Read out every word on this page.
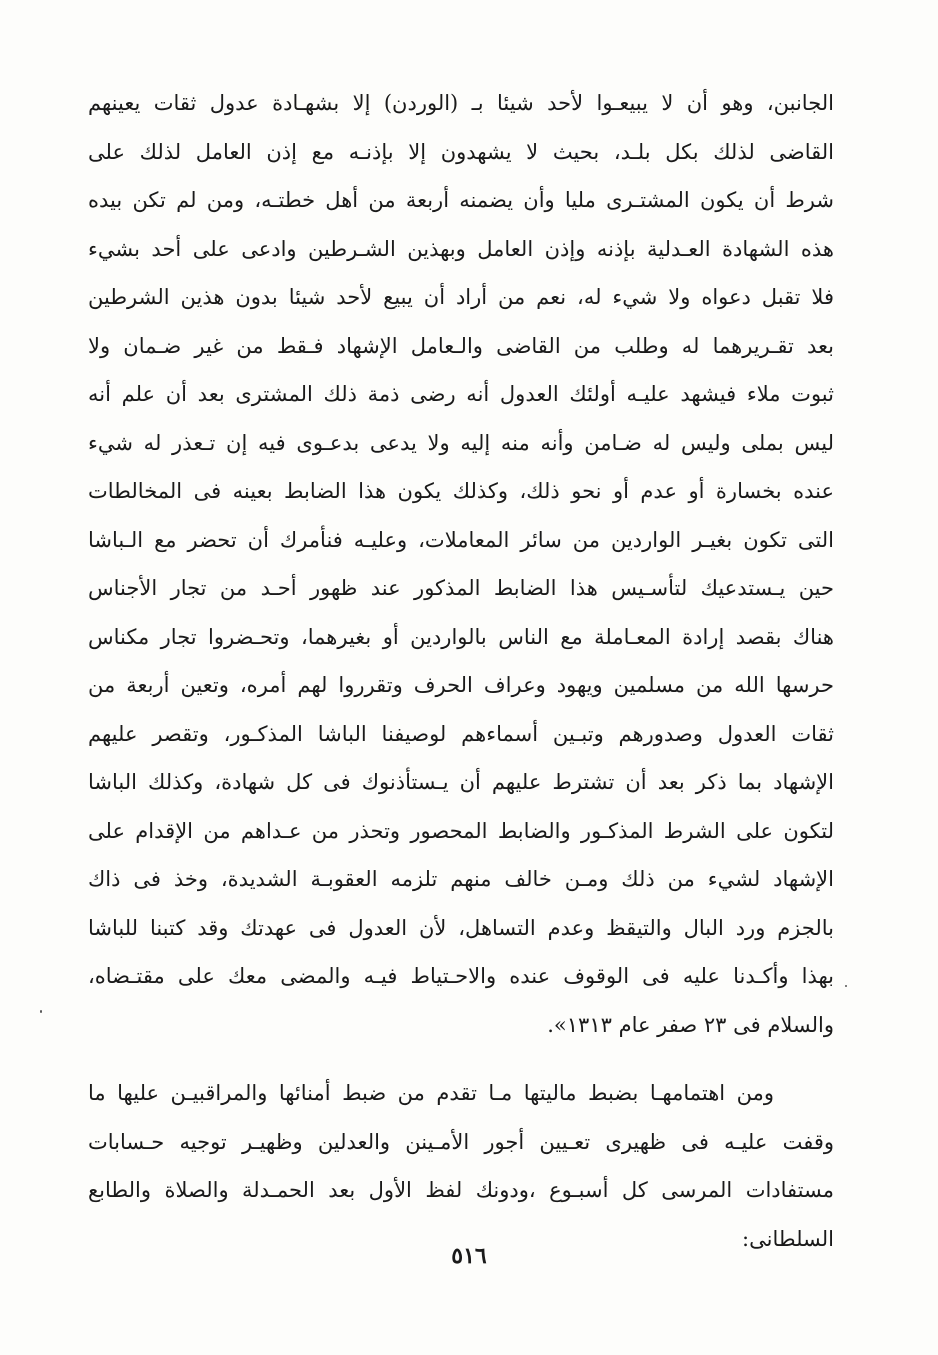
الجانبن، وهو أن لا يبيعـوا لأحد شيئا بـ (الوردن) إلا بشهـادة عدول ثقات يعينهم
القاضى لذلك بكل بلـد، بحيث لا يشهدون إلا بإذنـه مع إذن العامل لذلك على
شرط أن يكون المشتـرى مليا وأن يضمنه أربعة من أهل خطتـه، ومن لم تكن بيده
هذه الشهادة العـدلية بإذنه وإذن العامل وبهذين الشـرطين وادعى على أحد بشيء
فلا تقبل دعواه ولا شيء له، نعم من أراد أن يبيع لأحد شيئا بدون هذين الشرطين
بعد تقـريرهما له وطلب من القاضى والـعامل الإشهاد فـقط من غير ضـمان ولا
ثبوت ملاء فيشهد عليـه أولئك العدول أنه رضى ذمة ذلك المشترى بعد أن علم أنه
ليس بملى وليس له ضـامن وأنه منه إليه ولا يدعى بدعـوى فيه إن تـعذر له شيء
عنده بخسارة أو عدم أو نحو ذلك، وكذلك يكون هذا الضابط بعينه فى المخالطات
التى تكون بغيـر الواردين من سائر المعاملات، وعليـه فنأمرك أن تحضر مع الـباشا
حين يـستدعيك لتأسـيس هذا الضابط المذكور عند ظهور أحـد من تجار الأجناس
هناك بقصد إرادة المعـاملة مع الناس بالواردين أو بغيرهما، وتحـضروا تجار مكناس
حرسها الله من مسلمين ويهود وعراف الحرف وتقرروا لهم أمره، وتعين أربعة من
ثقات العدول وصدورهم وتبـين أسماءهم لوصيفنا الباشا المذكـور، وتقصر عليهم
الإشهاد بما ذكر بعد أن تشترط عليهم أن يـستأذنوك فى كل شهادة، وكذلك الباشا
لتكون على الشرط المذكـور والضابط المحصور وتحذر من عـداهم من الإقدام على
الإشهاد لشيء من ذلك ومـن خالف منهم تلزمه العقوبـة الشديدة، وخذ فى ذاك
بالجزم ورد البال والتيقظ وعدم التساهل، لأن العدول فى عهدتك وقد كتبنا للباشا
بهذا وأكـدنا عليه فى الوقوف عنده والاحـتياط فيـه والمضى معك على مقتـضاه،
والسلام فى ٢٣ صفر عام ١٣١٣».
ومن اهتمامهـا بضبط ماليتها مـا تقدم من ضبط أمنائها والمراقبيـن عليها ما
وقفت عليـه فى ظهيرى تعـيين أجور الأمـينن والعدلين وظهيـر توجيه حـسابات
مستفادات المرسى كل أسبـوع ،ودونك لفظ الأول بعد الحمـدلة والصلاة والطابع
السلطانى:
٥١٦
